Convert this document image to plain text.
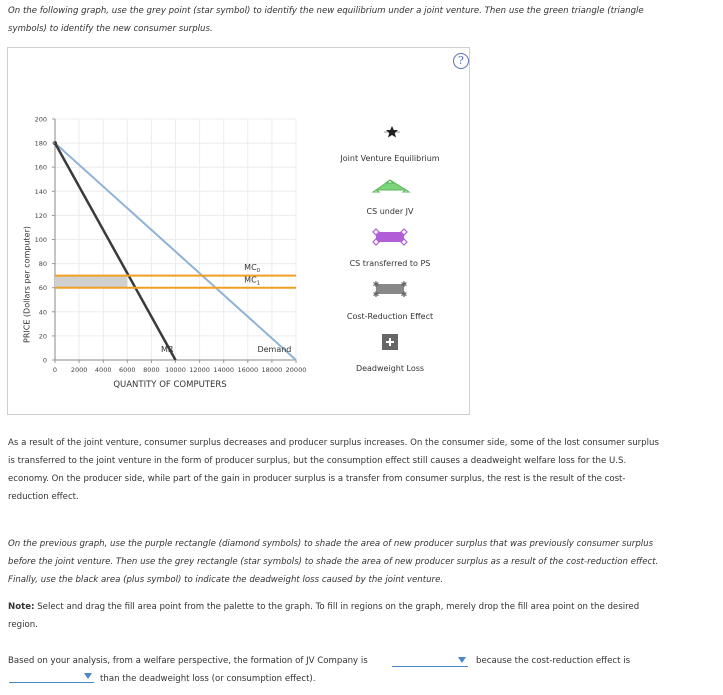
On the following graph, use the grey point (star symbol) to identify the new equilibrium under a joint venture. Then use the green triangle (triangle

symbols) to identify the new consumer surplus.

?
0 2000 4000 6000 8000 10000 12000 14000 16000 18000 20000
0
20
40
60
80
100
120
140
160
180
200
$MC_0$
$MC_1$
MR	Demand
QUANTITY OF COMPUTERS
✱	✱
✱	✱
PRICE (Dollars per computer)
Joint Venture Equilibrium
CS under JV
CS transferred to PS
Cost-Reduction Effect
Deadweight Loss

As a result of the joint venture, consumer surplus decreases and producer surplus increases. On the consumer side, some of the lost consumer surplus

is transferred to the joint venture in the form of producer surplus, but the consumption effect still causes a deadweight welfare loss for the U.S.

economy. On the producer side, while part of the gain in producer surplus is a transfer from consumer surplus, the rest is the result of the cost-

reduction effect.

On the previous graph, use the purple rectangle (diamond symbols) to shade the area of new producer surplus that was previously consumer surplus

before the joint venture. Then use the grey rectangle (star symbols) to shade the area of new producer surplus as a result of the cost-reduction effect.

Finally, use the black area (plus symbol) to indicate the deadweight loss caused by the joint venture.

Note: Select and drag the fill area point from the palette to the graph. To fill in regions on the graph, merely drop the fill area point on the desired

region.

Based on your analysis, from a welfare perspective, the formation of JV Company is	because the cost-reduction effect is

than the deadweight loss (or consumption effect).
